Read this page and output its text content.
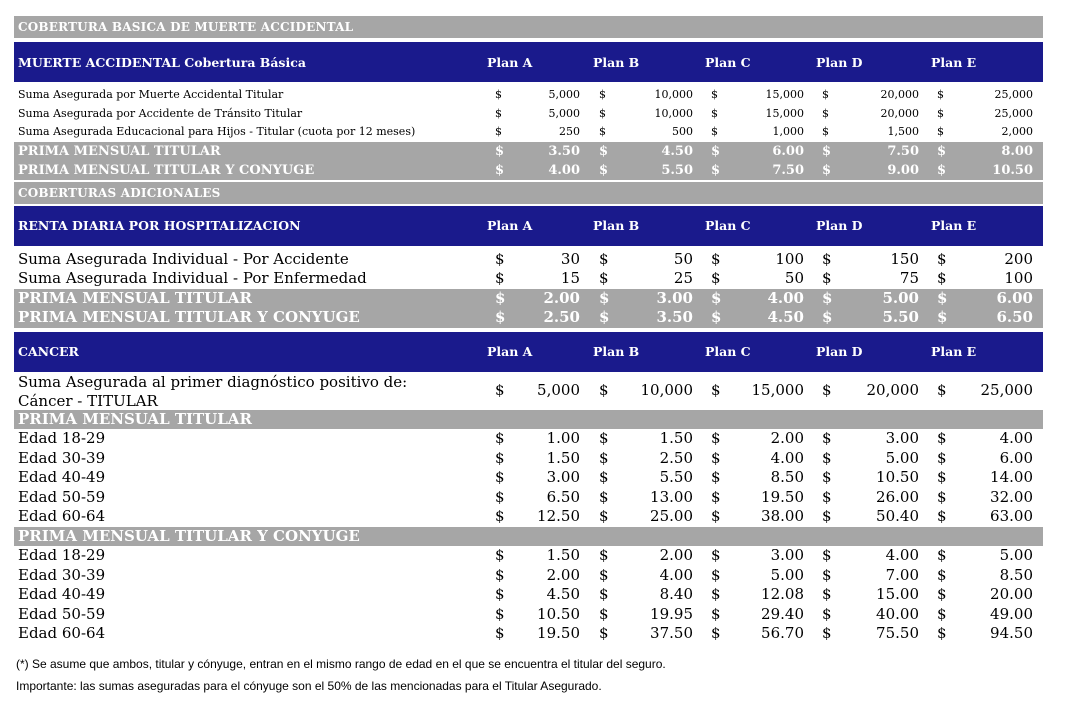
COBERTURA BASICA DE MUERTE ACCIDENTAL
MUERTE ACCIDENTAL Cobertura Básica	Plan A	Plan B	Plan C	Plan D	Plan E
Suma Asegurada por Muerte Accidental Titular	$	5,000 $	10,000 $	15,000 $	20,000 $	25,000
Suma Asegurada por Accidente de Tránsito Titular	$	5,000 $	10,000 $	15,000 $	20,000 $	25,000
Suma Asegurada Educacional para Hijos - Titular (cuota por 12 meses)	$	250 $	500 $	1,000 $	1,500 $	2,000
PRIMA MENSUAL TITULAR	$	3.50 $	4.50 $	6.00 $	7.50 $	8.00
PRIMA MENSUAL TITULAR Y CONYUGE	$	4.00 $	5.50 $	7.50 $	9.00 $	10.50
COBERTURAS ADICIONALES
RENTA DIARIA POR HOSPITALIZACION	Plan A	Plan B	Plan C	Plan D	Plan E
Suma Asegurada Individual - Por Accidente	$	30 $	50 $	100 $	150 $	200
Suma Asegurada Individual - Por Enfermedad	$	15 $	25 $	50 $	75 $	100
PRIMA MENSUAL TITULAR	$	2.00 $	3.00 $	4.00 $	5.00 $	6.00
PRIMA MENSUAL TITULAR Y CONYUGE	$	2.50 $	3.50 $	4.50 $	5.50 $	6.50
CANCER	Plan A	Plan B	Plan C	Plan D	Plan E
Suma Asegurada al primer diagnóstico positivo de:
Cáncer - TITULAR
$ 5,000 $ 10,000 $ 15,000 $ 20,000 $ 25,000
PRIMA MENSUAL TITULAR
Edad 18-29	$	1.00 $	1.50 $	2.00 $	3.00 $	4.00
Edad 30-39	$	1.50 $	2.50 $	4.00 $	5.00 $	6.00
Edad 40-49	$	3.00 $	5.50 $	8.50 $	10.50 $	14.00
Edad 50-59	$	6.50 $	13.00 $	19.50 $	26.00 $	32.00
Edad 60-64	$ 12.50 $	25.00 $	38.00 $	50.40 $	63.00
PRIMA MENSUAL TITULAR Y CONYUGE
Edad 18-29	$	1.50 $	2.00 $	3.00 $	4.00 $	5.00
Edad 30-39	$	2.00 $	4.00 $	5.00 $	7.00 $	8.50
Edad 40-49	$	4.50 $	8.40 $	12.08 $	15.00 $	20.00
Edad 50-59	$ 10.50 $	19.95 $	29.40 $	40.00 $	49.00
Edad 60-64	$ 19.50 $	37.50 $	56.70 $	75.50 $	94.50
(*) Se asume que ambos, titular y cónyuge, entran en el mismo rango de edad en el que se encuentra el titular del seguro.
Importante: las sumas aseguradas para el cónyuge son el 50% de las mencionadas para el Titular Asegurado.
